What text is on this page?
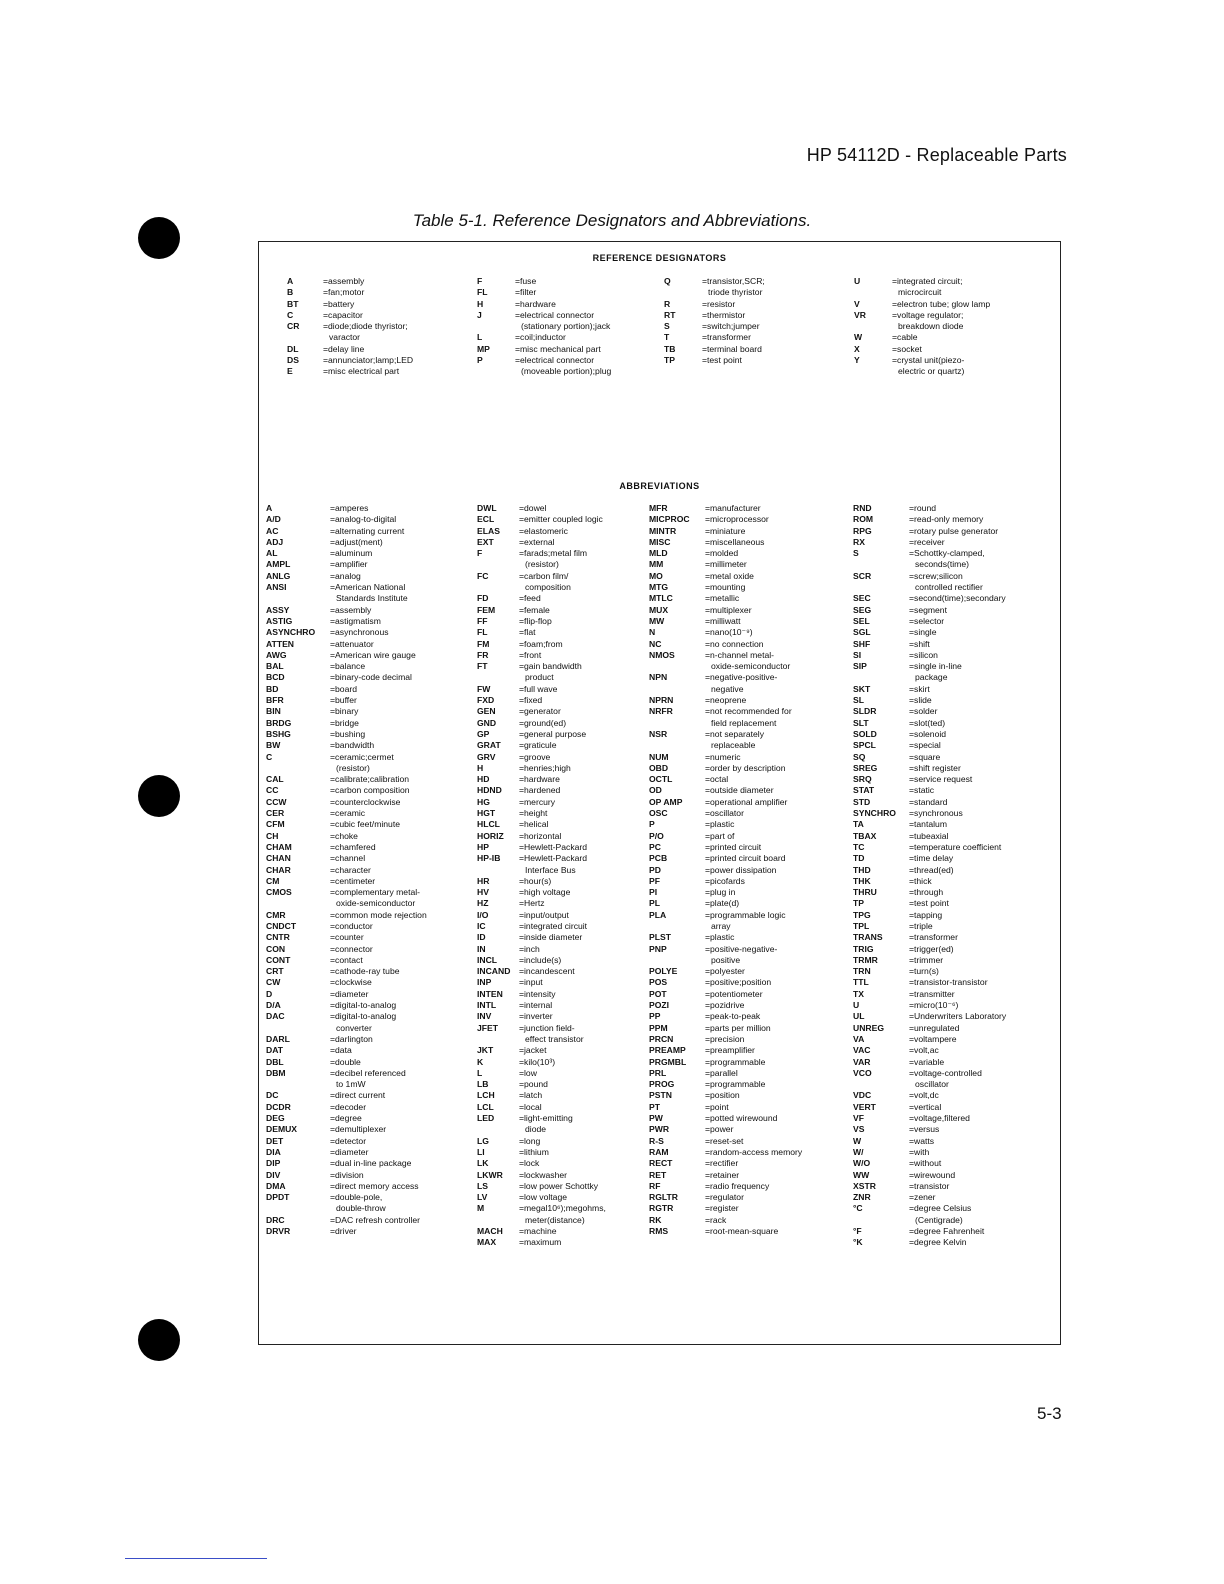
HP 54112D - Replaceable Parts
Table 5-1. Reference Designators and Abbreviations.
REFERENCE DESIGNATORS
ABBREVIATIONS
A	=assembly
B	=fan;motor
BT	=battery
C	=capacitor
CR	=diode;diode thyristor;
varactor
DL	=delay line
DS	=annunciator;lamp;LED
E	=misc electrical part
F	=fuse
FL	=filter
H	=hardware
J	=electrical connector
(stationary portion);jack
L	=coil;inductor
MP	=misc mechanical part
P	=electrical connector
(moveable portion);plug
Q	=transistor,SCR;
triode thyristor
R	=resistor
RT	=thermistor
S	=switch;jumper
T	=transformer
TB	=terminal board
TP	=test point
U	=integrated circuit;
microcircuit
V	=electron tube; glow lamp
VR	=voltage regulator;
breakdown diode
W	=cable
X	=socket
Y	=crystal unit(piezo-
electric or quartz)
A	=amperes
A/D	=analog-to-digital
AC	=alternating current
ADJ	=adjust(ment)
AL	=aluminum
AMPL	=amplifier
ANLG	=analog
ANSI	=American National
Standards Institute
ASSY	=assembly
ASTIG	=astigmatism
ASYNCHRO	=asynchronous
ATTEN	=attenuator
AWG	=American wire gauge
BAL	=balance
BCD	=binary-code decimal
BD	=board
BFR	=buffer
BIN	=binary
BRDG	=bridge
BSHG	=bushing
BW	=bandwidth
C	=ceramic;cermet
(resistor)
CAL	=calibrate;calibration
CC	=carbon composition
CCW	=counterclockwise
CER	=ceramic
CFM	=cubic feet/minute
CH	=choke
CHAM	=chamfered
CHAN	=channel
CHAR	=character
CM	=centimeter
CMOS	=complementary metal-
oxide-semiconductor
CMR	=common mode rejection
CNDCT	=conductor
CNTR	=counter
CON	=connector
CONT	=contact
CRT	=cathode-ray tube
CW	=clockwise
D	=diameter
D/A	=digital-to-analog
DAC	=digital-to-analog
converter
DARL	=darlington
DAT	=data
DBL	=double
DBM	=decibel referenced
to 1mW
DC	=direct current
DCDR	=decoder
DEG	=degree
DEMUX	=demultiplexer
DET	=detector
DIA	=diameter
DIP	=dual in-line package
DIV	=division
DMA	=direct memory access
DPDT	=double-pole,
double-throw
DRC	=DAC refresh controller
DRVR	=driver
DWL	=dowel
ECL	=emitter coupled logic
ELAS	=elastomeric
EXT	=external
F	=farads;metal film
(resistor)
FC	=carbon film/
composition
FD	=feed
FEM	=female
FF	=flip-flop
FL	=flat
FM	=foam;from
FR	=front
FT	=gain bandwidth
product
FW	=full wave
FXD	=fixed
GEN	=generator
GND	=ground(ed)
GP	=general purpose
GRAT	=graticule
GRV	=groove
H	=henries;high
HD	=hardware
HDND	=hardened
HG	=mercury
HGT	=height
HLCL	=helical
HORIZ	=horizontal
HP	=Hewlett-Packard
HP-IB	=Hewlett-Packard
Interface Bus
HR	=hour(s)
HV	=high voltage
HZ	=Hertz
I/O	=input/output
IC	=integrated circuit
ID	=inside diameter
IN	=inch
INCL	=include(s)
INCAND =incandescent
INP	=input
INTEN	=intensity
INTL	=internal
INV	=inverter
JFET	=junction field-
effect transistor
JKT	=jacket
K	=kilo(10³)
L	=low
LB	=pound
LCH	=latch
LCL	=local
LED	=light-emitting
diode
LG	=long
LI	=lithium
LK	=lock
LKWR	=lockwasher
LS	=low power Schottky
LV	=low voltage
M	=megal10⁶);megohms,
meter(distance)
MACH	=machine
MAX	=maximum
MFR	=manufacturer
MICPROC	=microprocessor
MINTR	=miniature
MISC	=miscellaneous
MLD	=molded
MM	=millimeter
MO	=metal oxide
MTG	=mounting
MTLC	=metallic
MUX	=multiplexer
MW	=milliwatt
N	=nano(10⁻⁹)
NC	=no connection
NMOS	=n-channel metal-
oxide-semiconductor
NPN	=negative-positive-
negative
NPRN	=neoprene
NRFR	=not recommended for
field replacement
NSR	=not separately
replaceable
NUM	=numeric
OBD	=order by description
OCTL	=octal
OD	=outside diameter
OP AMP	=operational amplifier
OSC	=oscillator
P	=plastic
P/O	=part of
PC	=printed circuit
PCB	=printed circuit board
PD	=power dissipation
PF	=picofards
PI	=plug in
PL	=plate(d)
PLA	=programmable logic
array
PLST	=plastic
PNP	=positive-negative-
positive
POLYE	=polyester
POS	=positive;position
POT	=potentiometer
POZI	=pozidrive
PP	=peak-to-peak
PPM	=parts per million
PRCN	=precision
PREAMP	=preamplifier
PRGMBL	=programmable
PRL	=parallel
PROG	=programmable
PSTN	=position
PT	=point
PW	=potted wirewound
PWR	=power
R-S	=reset-set
RAM	=random-access memory
RECT	=rectifier
RET	=retainer
RF	=radio frequency
RGLTR	=regulator
RGTR	=register
RK	=rack
RMS	=root-mean-square
RND	=round
ROM	=read-only memory
RPG	=rotary pulse generator
RX	=receiver
S	=Schottky-clamped,
seconds(time)
SCR	=screw;silicon
controlled rectifier
SEC	=second(time);secondary
SEG	=segment
SEL	=selector
SGL	=single
SHF	=shift
SI	=silicon
SIP	=single in-line
package
SKT	=skirt
SL	=slide
SLDR	=solder
SLT	=slot(ted)
SOLD	=solenoid
SPCL	=special
SQ	=square
SREG	=shift register
SRQ	=service request
STAT	=static
STD	=standard
SYNCHRO	=synchronous
TA	=tantalum
TBAX	=tubeaxial
TC	=temperature coefficient
TD	=time delay
THD	=thread(ed)
THK	=thick
THRU	=through
TP	=test point
TPG	=tapping
TPL	=triple
TRANS	=transformer
TRIG	=trigger(ed)
TRMR	=trimmer
TRN	=turn(s)
TTL	=transistor-transistor
TX	=transmitter
U	=micro(10⁻⁶)
UL	=Underwriters Laboratory
UNREG	=unregulated
VA	=voltampere
VAC	=volt,ac
VAR	=variable
VCO	=voltage-controlled
oscillator
VDC	=volt,dc
VERT	=vertical
VF	=voltage,filtered
VS	=versus
W	=watts
W/	=with
W/O	=without
WW	=wirewound
XSTR	=transistor
ZNR	=zener
°C	=degree Celsius
(Centigrade)
°F	=degree Fahrenheit
°K	=degree Kelvin
5-3
